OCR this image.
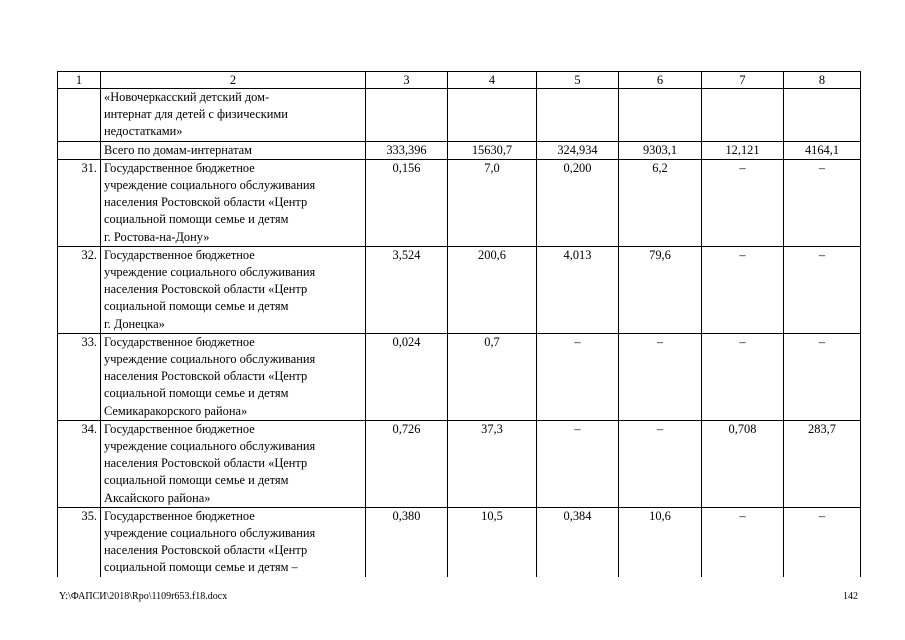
1	2	3	4	5	6	7	8

	«Новочеркасский детский дом-
интернат для детей с физическими
недостатками»						

	Всего по домам-интернатам	333,396	15630,7	324,934	9303,1	12,121	4164,1
31.	Государственное бюджетное
учреждение социального обслуживания
населения Ростовской области «Центр
социальной помощи семье и детям
г. Ростова-на-Дону»	0,156	7,0	0,200	6,2	–	–
32.	Государственное бюджетное
учреждение социального обслуживания
населения Ростовской области «Центр
социальной помощи семье и детям
г. Донецка»	3,524	200,6	4,013	79,6	–	–
33.	Государственное бюджетное
учреждение социального обслуживания
населения Ростовской области «Центр
социальной помощи семье и детям
Семикаракорского района»	0,024	0,7	–	–	–	–
34.	Государственное бюджетное
учреждение социального обслуживания
населения Ростовской области «Центр
социальной помощи семье и детям
Аксайского района»	0,726	37,3	–	–	0,708	283,7
35.	Государственное бюджетное
учреждение социального обслуживания
населения Ростовской области «Центр
социальной помощи семье и детям –	0,380	10,5	0,384	10,6	–	–
Y:\ФАПСИ\2018\Rpo\1109r653.f18.docx	142
